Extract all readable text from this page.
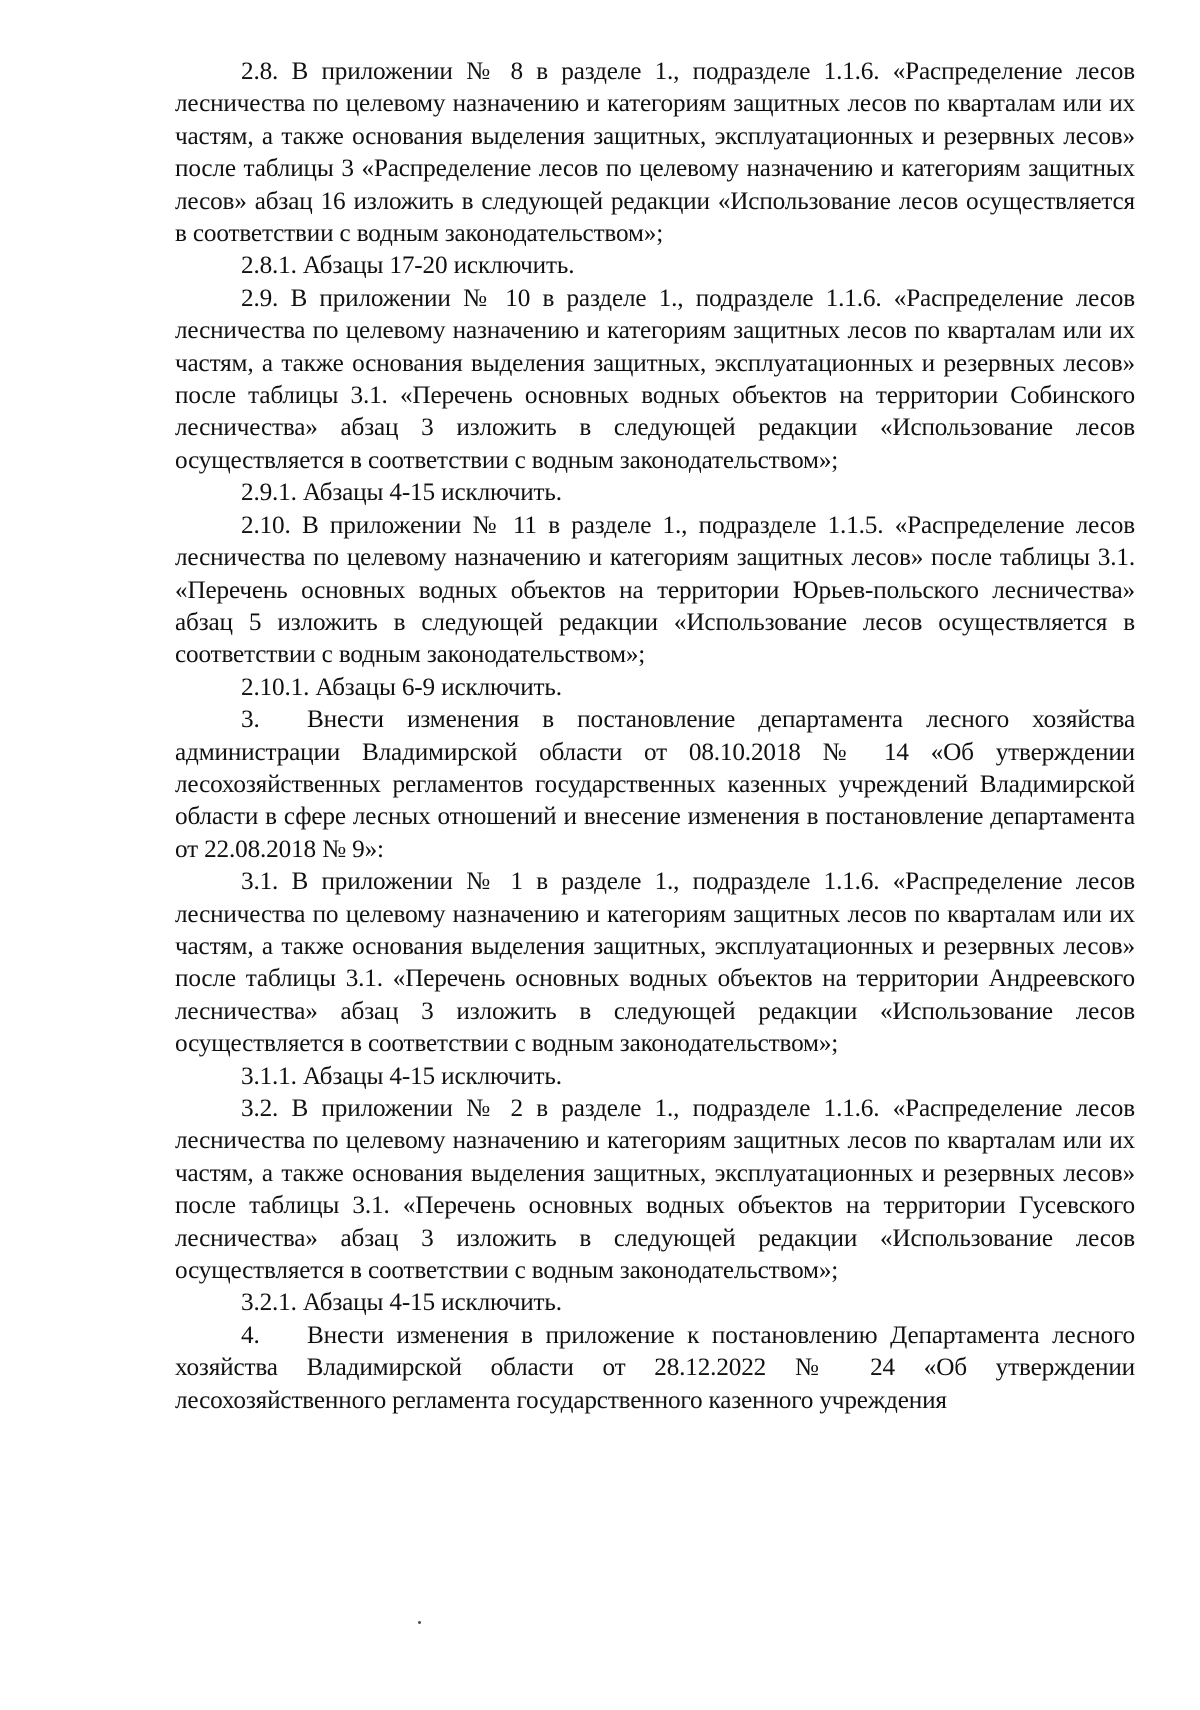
2.8. В приложении № 8 в разделе 1., подразделе 1.1.6. «Распределение лесов лесничества по целевому назначению и категориям защитных лесов по кварталам или их частям, а также основания выделения защитных, эксплуатационных и резервных лесов» после таблицы 3 «Распределение лесов по целевому назначению и категориям защитных лесов» абзац 16 изложить в следующей редакции «Использование лесов осуществляется в соответствии с водным законодательством»;

2.8.1. Абзацы 17-20 исключить.

2.9. В приложении № 10 в разделе 1., подразделе 1.1.6. «Распределение лесов лесничества по целевому назначению и категориям защитных лесов по кварталам или их частям, а также основания выделения защитных, эксплуатационных и резервных лесов» после таблицы 3.1. «Перечень основных водных объектов на территории Собинского лесничества» абзац 3 изложить в следующей редакции «Использование лесов осуществляется в соответствии с водным законодательством»;

2.9.1. Абзацы 4-15 исключить.

2.10. В приложении № 11 в разделе 1., подразделе 1.1.5. «Распределение лесов лесничества по целевому назначению и категориям защитных лесов» после таблицы 3.1. «Перечень основных водных объектов на территории Юрьев-польского лесничества» абзац 5 изложить в следующей редакции «Использование лесов осуществляется в соответствии с водным законодательством»;

2.10.1. Абзацы 6-9 исключить.

3. Внести изменения в постановление департамента лесного хозяйства администрации Владимирской области от 08.10.2018 № 14 «Об утверждении лесохозяйственных регламентов государственных казенных учреждений Владимирской области в сфере лесных отношений и внесение изменения в постановление департамента от 22.08.2018 № 9»:

3.1. В приложении № 1 в разделе 1., подразделе 1.1.6. «Распределение лесов лесничества по целевому назначению и категориям защитных лесов по кварталам или их частям, а также основания выделения защитных, эксплуатационных и резервных лесов» после таблицы 3.1. «Перечень основных водных объектов на территории Андреевского лесничества» абзац 3 изложить в следующей редакции «Использование лесов осуществляется в соответствии с водным законодательством»;

3.1.1. Абзацы 4-15 исключить.

3.2. В приложении № 2 в разделе 1., подразделе 1.1.6. «Распределение лесов лесничества по целевому назначению и категориям защитных лесов по кварталам или их частям, а также основания выделения защитных, эксплуатационных и резервных лесов» после таблицы 3.1. «Перечень основных водных объектов на территории Гусевского лесничества» абзац 3 изложить в следующей редакции «Использование лесов осуществляется в соответствии с водным законодательством»;

3.2.1. Абзацы 4-15 исключить.

4. Внести изменения в приложение к постановлению Департамента лесного хозяйства Владимирской области от 28.12.2022 № 24 «Об утверждении лесохозяйственного регламента государственного казенного учреждения
